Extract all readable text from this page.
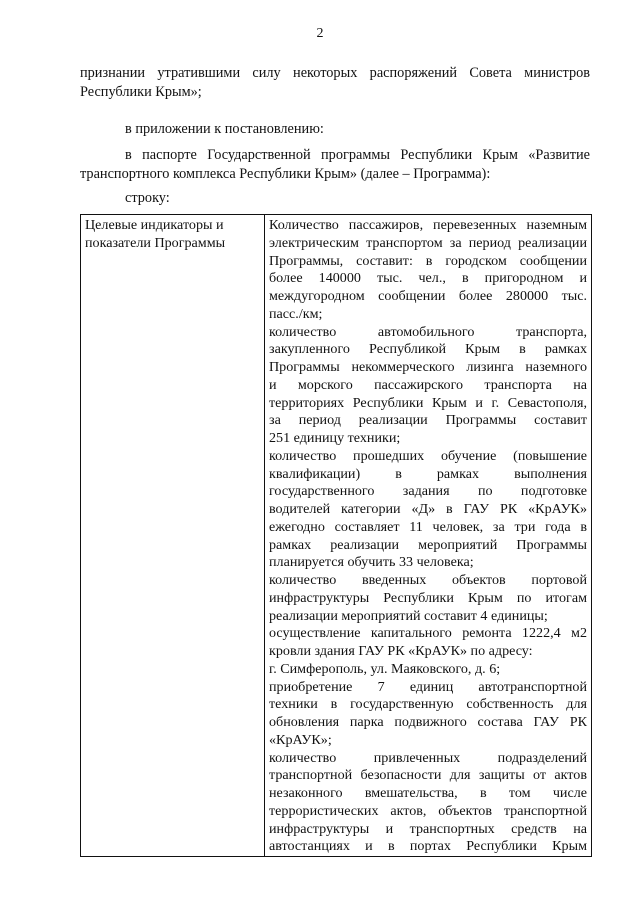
2
признании утратившими силу некоторых распоряжений Совета министров
Республики Крым»;
в приложении к постановлению:
в паспорте Государственной программы Республики Крым «Развитие
транспортного комплекса Республики Крым» (далее – Программа):
строку:
Целевые индикаторы и
показатели Программы

Количество пассажиров, перевезенных наземным
электрическим транспортом за период реализации
Программы, составит: в городском сообщении
более 140000 тыс. чел., в пригородном и
междугородном сообщении более 280000 тыс.
пасс./км;
количество автомобильного транспорта,
закупленного Республикой Крым в рамках
Программы некоммерческого лизинга наземного
и морского пассажирского транспорта на
территориях Республики Крым и г. Севастополя,
за период реализации Программы составит
251 единицу техники;
количество прошедших обучение (повышение
квалификации) в рамках выполнения
государственного задания по подготовке
водителей категории «Д» в ГАУ РК «КрАУК»
ежегодно составляет 11 человек, за три года в
рамках реализации мероприятий Программы
планируется обучить 33 человека;
количество введенных объектов портовой
инфраструктуры Республики Крым по итогам
реализации мероприятий составит 4 единицы;
осуществление капитального ремонта 1222,4 м2
кровли здания ГАУ РК «КрАУК» по адресу:
г. Симферополь, ул. Маяковского, д. 6;
приобретение 7 единиц автотранспортной
техники в государственную собственность для
обновления парка подвижного состава ГАУ РК
«КрАУК»;
количество привлеченных подразделений
транспортной безопасности для защиты от актов
незаконного вмешательства, в том числе
террористических актов, объектов транспортной
инфраструктуры и транспортных средств на
автостанциях и в портах Республики Крым
